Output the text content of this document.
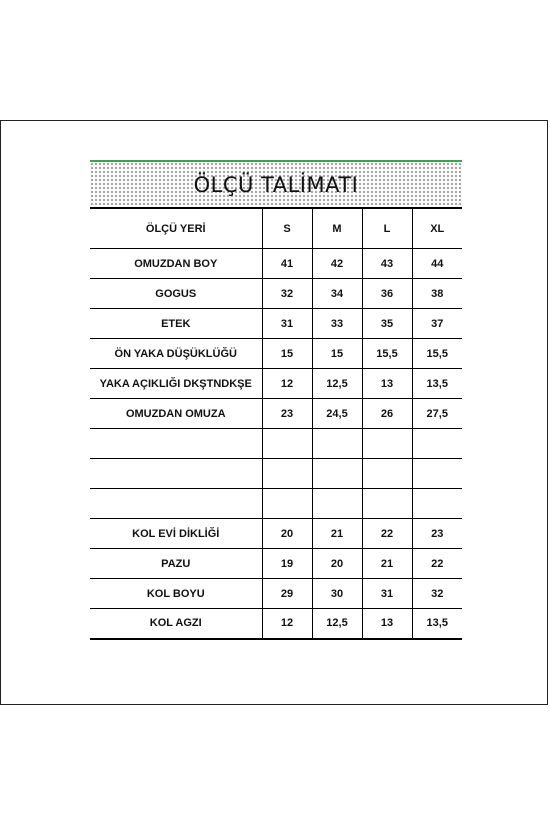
ÖLÇÜ TALİMATI
ÖLÇÜ YERİ	S	M	L	XL
OMUZDAN BOY	41	42	43	44
GOGUS	32	34	36	38
ETEK	31	33	35	37
ÖN YAKA DÜŞÜKLÜĞÜ	15	15	15,5	15,5
YAKA AÇIKLIĞI DKŞTNDKŞE	12	12,5	13	13,5
OMUZDAN OMUZA	23	24,5	26	27,5

KOL EVİ DİKLİĞİ	20	21	22	23
PAZU	19	20	21	22
KOL BOYU	29	30	31	32
KOL AGZI	12	12,5	13	13,5
